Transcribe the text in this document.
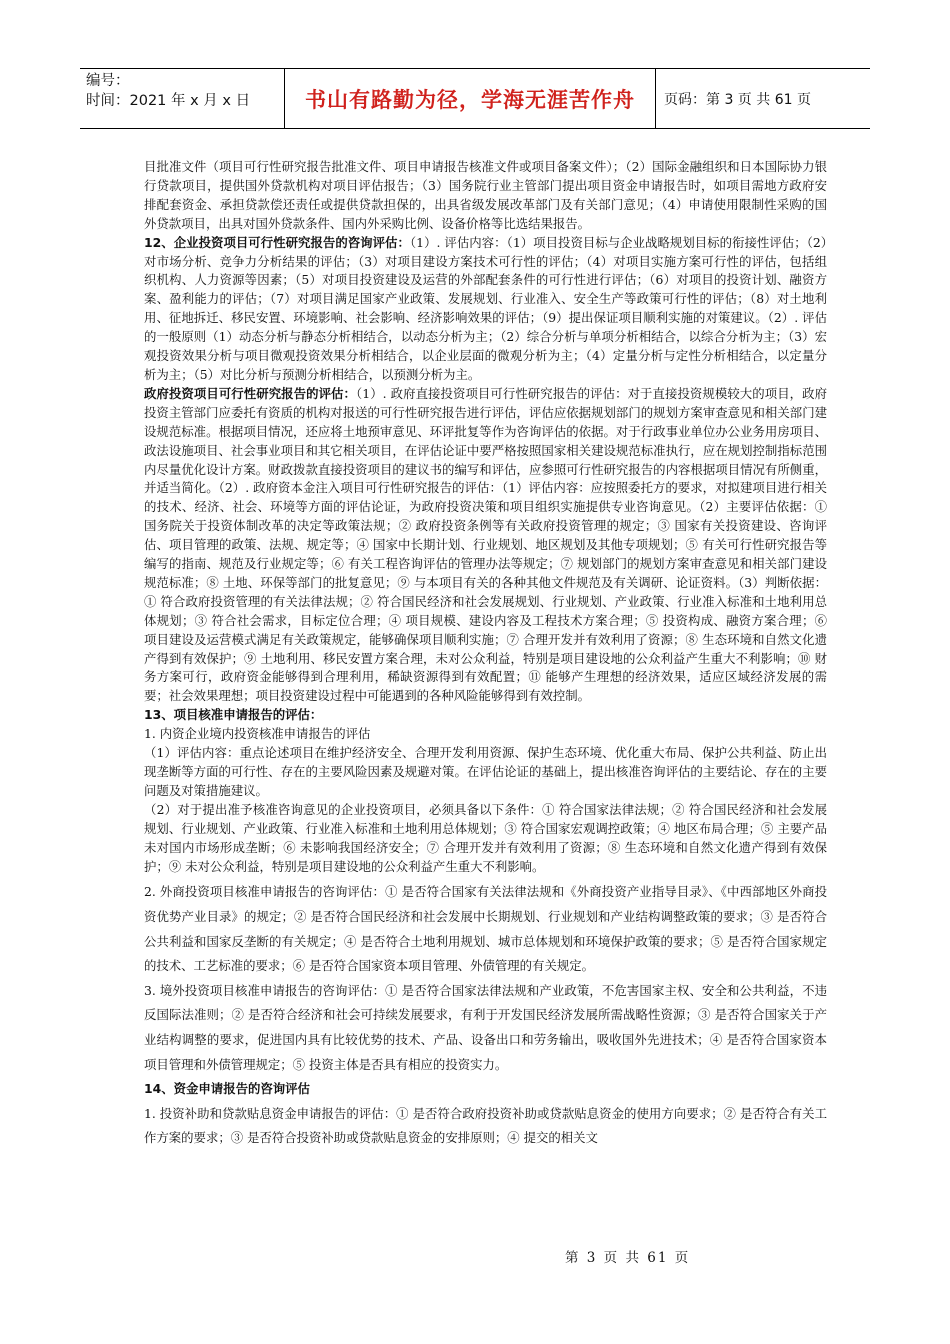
编号：
时间：2021 年 x 月 x 日	书山有路勤为径，学海无涯苦作舟	页码：第 3 页 共 61 页

目批准文件（项目可行性研究报告批准文件、项目申请报告核准文件或项目备案文件）；（2）国际金融组织和日本国际协力银行贷款项目，提供国外贷款机构对项目评估报告；（3）国务院行业主管部门提出项目资金申请报告时，如项目需地方政府安排配套资金、承担贷款偿还责任或提供贷款担保的，出具省级发展改革部门及有关部门意见；（4）申请使用限制性采购的国外贷款项目，出具对国外贷款条件、国内外采购比例、设备价格等比选结果报告。

12、企业投资项目可行性研究报告的咨询评估：（1）. 评估内容：（1）项目投资目标与企业战略规划目标的衔接性评估；（2）对市场分析、竞争力分析结果的评估；（3）对项目建设方案技术可行性的评估；（4）对项目实施方案可行性的评估，包括组织机构、人力资源等因素；（5）对项目投资建设及运营的外部配套条件的可行性进行评估；（6）对项目的投资计划、融资方案、盈利能力的评估；（7）对项目满足国家产业政策、发展规划、行业准入、安全生产等政策可行性的评估；（8）对土地利用、征地拆迁、移民安置、环境影响、社会影响、经济影响效果的评估；（9）提出保证项目顺利实施的对策建议。（2）. 评估的一般原则（1）动态分析与静态分析相结合，以动态分析为主；（2）综合分析与单项分析相结合，以综合分析为主；（3）宏观投资效果分析与项目微观投资效果分析相结合，以企业层面的微观分析为主；（4）定量分析与定性分析相结合，以定量分析为主；（5）对比分析与预测分析相结合，以预测分析为主。

政府投资项目可行性研究报告的评估：（1）. 政府直接投资项目可行性研究报告的评估：对于直接投资规模较大的项目，政府投资主管部门应委托有资质的机构对报送的可行性研究报告进行评估，评估应依据规划部门的规划方案审查意见和相关部门建设规范标准。根据项目情况，还应将土地预审意见、环评批复等作为咨询评估的依据。对于行政事业单位办公业务用房项目、政法设施项目、社会事业项目和其它相关项目，在评估论证中要严格按照国家相关建设规范标准执行，应在规划控制指标范围内尽量优化设计方案。财政拨款直接投资项目的建议书的编写和评估，应参照可行性研究报告的内容根据项目情况有所侧重，并适当简化。（2）. 政府资本金注入项目可行性研究报告的评估：（1）评估内容：应按照委托方的要求，对拟建项目进行相关的技术、经济、社会、环境等方面的评估论证，为政府投资决策和项目组织实施提供专业咨询意见。（2）主要评估依据：① 国务院关于投资体制改革的决定等政策法规；② 政府投资条例等有关政府投资管理的规定；③ 国家有关投资建设、咨询评估、项目管理的政策、法规、规定等；④ 国家中长期计划、行业规划、地区规划及其他专项规划；⑤ 有关可行性研究报告等编写的指南、规范及行业规定等；⑥ 有关工程咨询评估的管理办法等规定；⑦ 规划部门的规划方案审查意见和相关部门建设规范标准；⑧ 土地、环保等部门的批复意见；⑨ 与本项目有关的各种其他文件规范及有关调研、论证资料。（3）判断依据：① 符合政府投资管理的有关法律法规；② 符合国民经济和社会发展规划、行业规划、产业政策、行业准入标准和土地利用总体规划；③ 符合社会需求，目标定位合理；④ 项目规模、建设内容及工程技术方案合理；⑤ 投资构成、融资方案合理；⑥ 项目建设及运营模式满足有关政策规定，能够确保项目顺利实施；⑦ 合理开发并有效利用了资源；⑧ 生态环境和自然文化遗产得到有效保护；⑨ 土地利用、移民安置方案合理，未对公众利益，特别是项目建设地的公众利益产生重大不利影响；⑩ 财务方案可行，政府资金能够得到合理利用，稀缺资源得到有效配置；⑪ 能够产生理想的经济效果，适应区域经济发展的需要；社会效果理想；项目投资建设过程中可能遇到的各种风险能够得到有效控制。

13、项目核准申请报告的评估：

1. 内资企业境内投资核准申请报告的评估

（1）评估内容：重点论述项目在维护经济安全、合理开发利用资源、保护生态环境、优化重大布局、保护公共利益、防止出现垄断等方面的可行性、存在的主要风险因素及规避对策。在评估论证的基础上，提出核准咨询评估的主要结论、存在的主要问题及对策措施建议。

（2）对于提出准予核准咨询意见的企业投资项目，必须具备以下条件：① 符合国家法律法规；② 符合国民经济和社会发展规划、行业规划、产业政策、行业准入标准和土地利用总体规划；③ 符合国家宏观调控政策；④ 地区布局合理；⑤ 主要产品未对国内市场形成垄断；⑥ 未影响我国经济安全；⑦ 合理开发并有效利用了资源；⑧ 生态环境和自然文化遗产得到有效保护；⑨ 未对公众利益，特别是项目建设地的公众利益产生重大不利影响。

2. 外商投资项目核准申请报告的咨询评估：① 是否符合国家有关法律法规和《外商投资产业指导目录》、《中西部地区外商投资优势产业目录》的规定；② 是否符合国民经济和社会发展中长期规划、行业规划和产业结构调整政策的要求；③ 是否符合公共利益和国家反垄断的有关规定；④ 是否符合土地利用规划、城市总体规划和环境保护政策的要求；⑤ 是否符合国家规定的技术、工艺标准的要求；⑥ 是否符合国家资本项目管理、外债管理的有关规定。

3. 境外投资项目核准申请报告的咨询评估：① 是否符合国家法律法规和产业政策，不危害国家主权、安全和公共利益，不违反国际法准则；② 是否符合经济和社会可持续发展要求，有利于开发国民经济发展所需战略性资源；③ 是否符合国家关于产业结构调整的要求，促进国内具有比较优势的技术、产品、设备出口和劳务输出，吸收国外先进技术；④ 是否符合国家资本项目管理和外债管理规定；⑤ 投资主体是否具有相应的投资实力。

14、资金申请报告的咨询评估

1. 投资补助和贷款贴息资金申请报告的评估：① 是否符合政府投资补助或贷款贴息资金的使用方向要求；② 是否符合有关工作方案的要求；③ 是否符合投资补助或贷款贴息资金的安排原则；④ 提交的相关文

第 3 页 共 61 页
